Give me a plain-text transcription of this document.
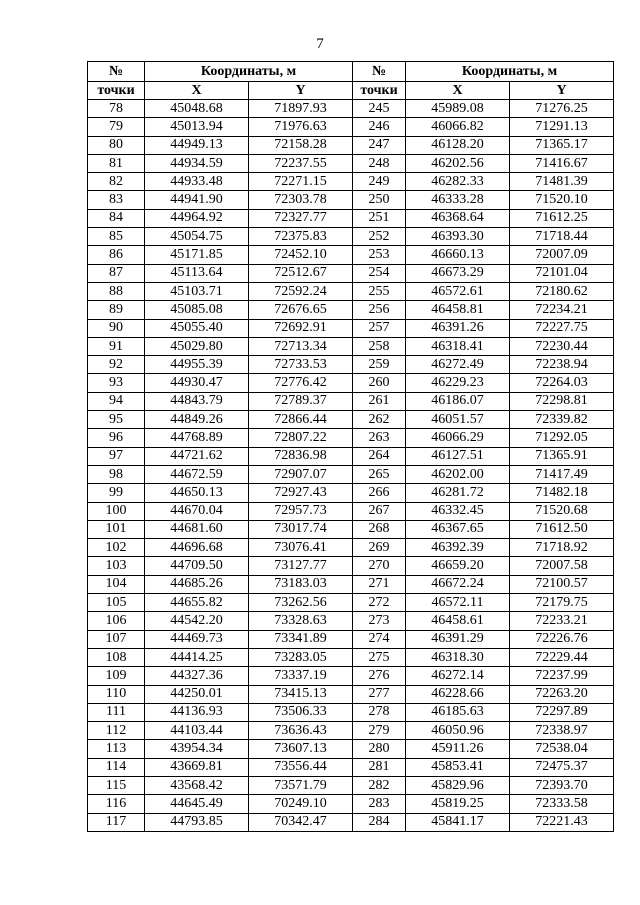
7
№	Координаты, м		№	Координаты, м	
точки	X	Y	точки	X	Y
78	45048.68	71897.93	245	45989.08	71276.25
79	45013.94	71976.63	246	46066.82	71291.13
80	44949.13	72158.28	247	46128.20	71365.17
81	44934.59	72237.55	248	46202.56	71416.67
82	44933.48	72271.15	249	46282.33	71481.39
83	44941.90	72303.78	250	46333.28	71520.10
84	44964.92	72327.77	251	46368.64	71612.25
85	45054.75	72375.83	252	46393.30	71718.44
86	45171.85	72452.10	253	46660.13	72007.09
87	45113.64	72512.67	254	46673.29	72101.04
88	45103.71	72592.24	255	46572.61	72180.62
89	45085.08	72676.65	256	46458.81	72234.21
90	45055.40	72692.91	257	46391.26	72227.75
91	45029.80	72713.34	258	46318.41	72230.44
92	44955.39	72733.53	259	46272.49	72238.94
93	44930.47	72776.42	260	46229.23	72264.03
94	44843.79	72789.37	261	46186.07	72298.81
95	44849.26	72866.44	262	46051.57	72339.82
96	44768.89	72807.22	263	46066.29	71292.05
97	44721.62	72836.98	264	46127.51	71365.91
98	44672.59	72907.07	265	46202.00	71417.49
99	44650.13	72927.43	266	46281.72	71482.18
100	44670.04	72957.73	267	46332.45	71520.68
101	44681.60	73017.74	268	46367.65	71612.50
102	44696.68	73076.41	269	46392.39	71718.92
103	44709.50	73127.77	270	46659.20	72007.58
104	44685.26	73183.03	271	46672.24	72100.57
105	44655.82	73262.56	272	46572.11	72179.75
106	44542.20	73328.63	273	46458.61	72233.21
107	44469.73	73341.89	274	46391.29	72226.76
108	44414.25	73283.05	275	46318.30	72229.44
109	44327.36	73337.19	276	46272.14	72237.99
110	44250.01	73415.13	277	46228.66	72263.20
111	44136.93	73506.33	278	46185.63	72297.89
112	44103.44	73636.43	279	46050.96	72338.97
113	43954.34	73607.13	280	45911.26	72538.04
114	43669.81	73556.44	281	45853.41	72475.37
115	43568.42	73571.79	282	45829.96	72393.70
116	44645.49	70249.10	283	45819.25	72333.58
117	44793.85	70342.47	284	45841.17	72221.43
